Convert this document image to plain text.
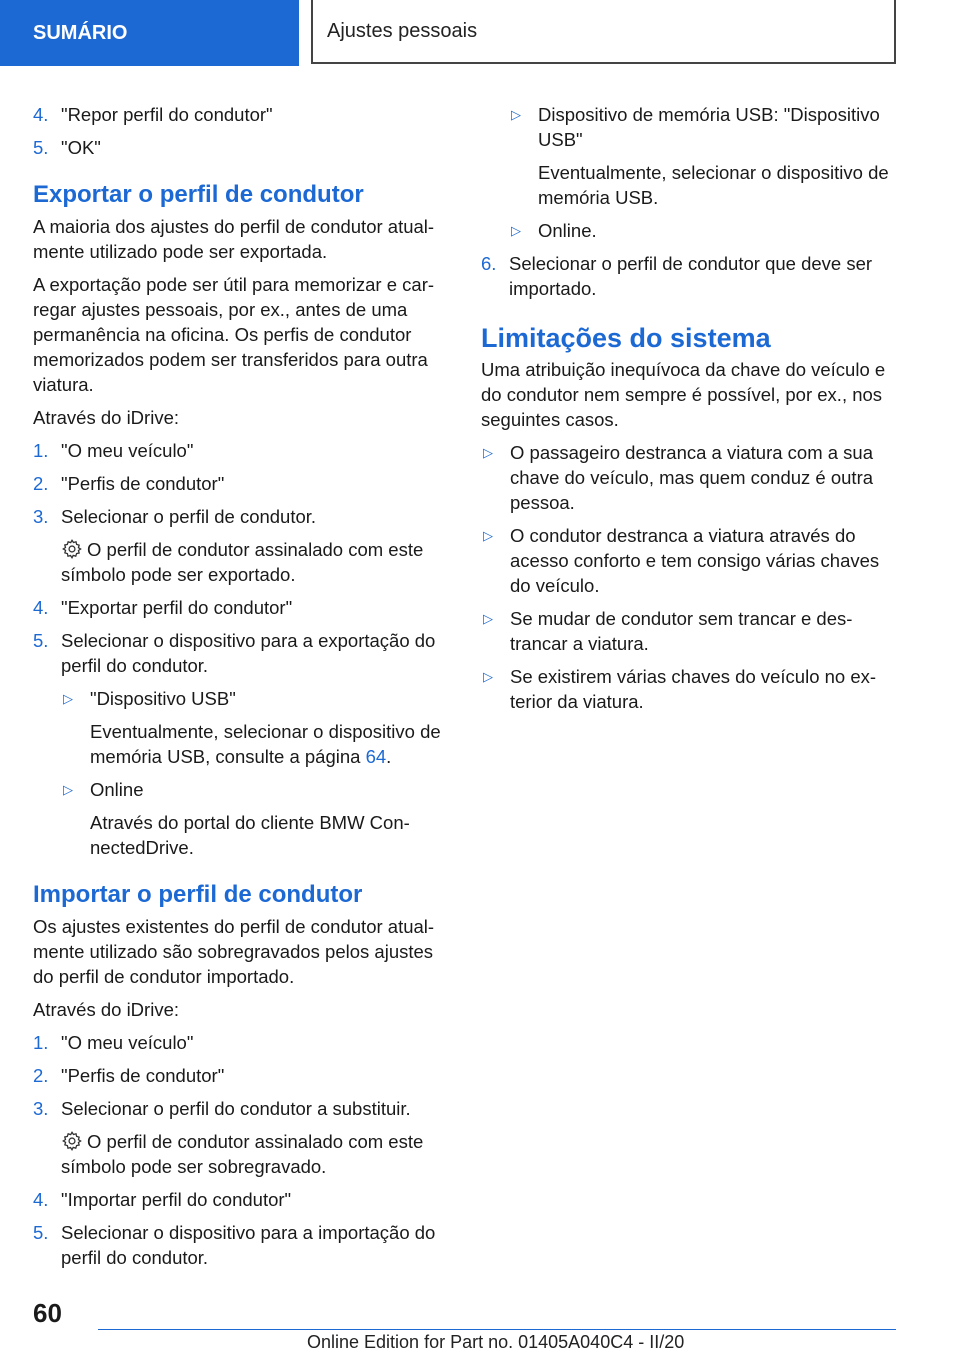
SUMÁRIO	Ajustes pessoais
4. "Repor perfil do condutor"
5. "OK"
Exportar o perfil de condutor

A maioria dos ajustes do perfil de condutor atual-mente utilizado pode ser exportada.

A exportação pode ser útil para memorizar e car-regar ajustes pessoais, por ex., antes de uma permanência na oficina. Os perfis de condutor memorizados podem ser transferidos para outra viatura.

Através do iDrive:

1. "O meu veículo"
2. "Perfis de condutor"
3. Selecionar o perfil de condutor.
O perfil de condutor assinalado com este símbolo pode ser exportado.
4. "Exportar perfil do condutor"
5. Selecionar o dispositivo para a exportação do perfil do condutor.
▷ "Dispositivo USB"
Eventualmente, selecionar o dispositivo de memória USB, consulte a página 64.
▷ Online
Através do portal do cliente BMW Con-nectedDrive.
Importar o perfil de condutor

Os ajustes existentes do perfil de condutor atual-mente utilizado são sobregravados pelos ajustes do perfil de condutor importado.

Através do iDrive:

1. "O meu veículo"
2. "Perfis de condutor"
3. Selecionar o perfil do condutor a substituir.
O perfil de condutor assinalado com este símbolo pode ser sobregravado.
4. "Importar perfil do condutor"
5. Selecionar o dispositivo para a importação do perfil do condutor.
▷ Dispositivo de memória USB: "Dispositivo USB"
Eventualmente, selecionar o dispositivo de memória USB.
▷ Online.
6. Selecionar o perfil de condutor que deve ser importado.
Limitações do sistema

Uma atribuição inequívoca da chave do veículo e do condutor nem sempre é possível, por ex., nos seguintes casos.

▷ O passageiro destranca a viatura com a sua chave do veículo, mas quem conduz é outra pessoa.
▷ O condutor destranca a viatura através do acesso conforto e tem consigo várias chaves do veículo.
▷ Se mudar de condutor sem trancar e des-trancar a viatura.
▷ Se existirem várias chaves do veículo no ex-terior da viatura.
60
Online Edition for Part no. 01405A040C4 - II/20
